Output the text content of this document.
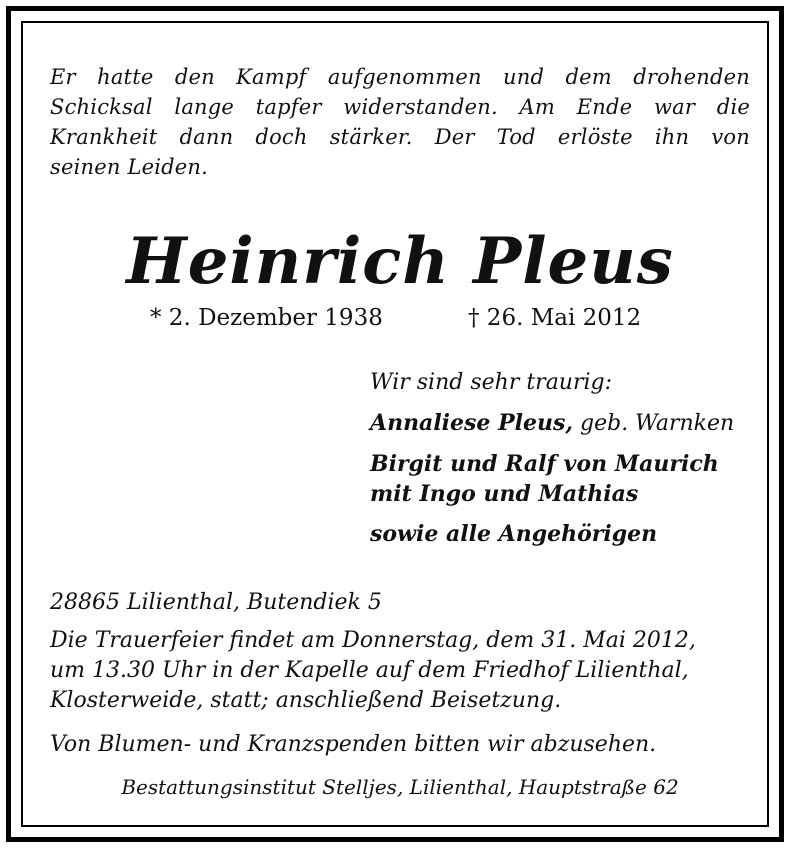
Er hatte den Kampf aufgenommen und dem drohenden
Schicksal lange tapfer widerstanden. Am Ende war die
Krankheit dann doch stärker. Der Tod erlöste ihn von
seinen Leiden.
Heinrich Pleus
* 2. Dezember 1938	† 26. Mai 2012
Wir sind sehr traurig:
Annaliese Pleus, geb. Warnken
Birgit und Ralf von Maurich
mit Ingo und Mathias
sowie alle Angehörigen
28865 Lilienthal, Butendiek 5
Die Trauerfeier findet am Donnerstag, dem 31. Mai 2012,
um 13.30 Uhr in der Kapelle auf dem Friedhof Lilienthal,
Klosterweide, statt; anschließend Beisetzung.
Von Blumen- und Kranzspenden bitten wir abzusehen.
Bestattungsinstitut Stelljes, Lilienthal, Hauptstraße 62
